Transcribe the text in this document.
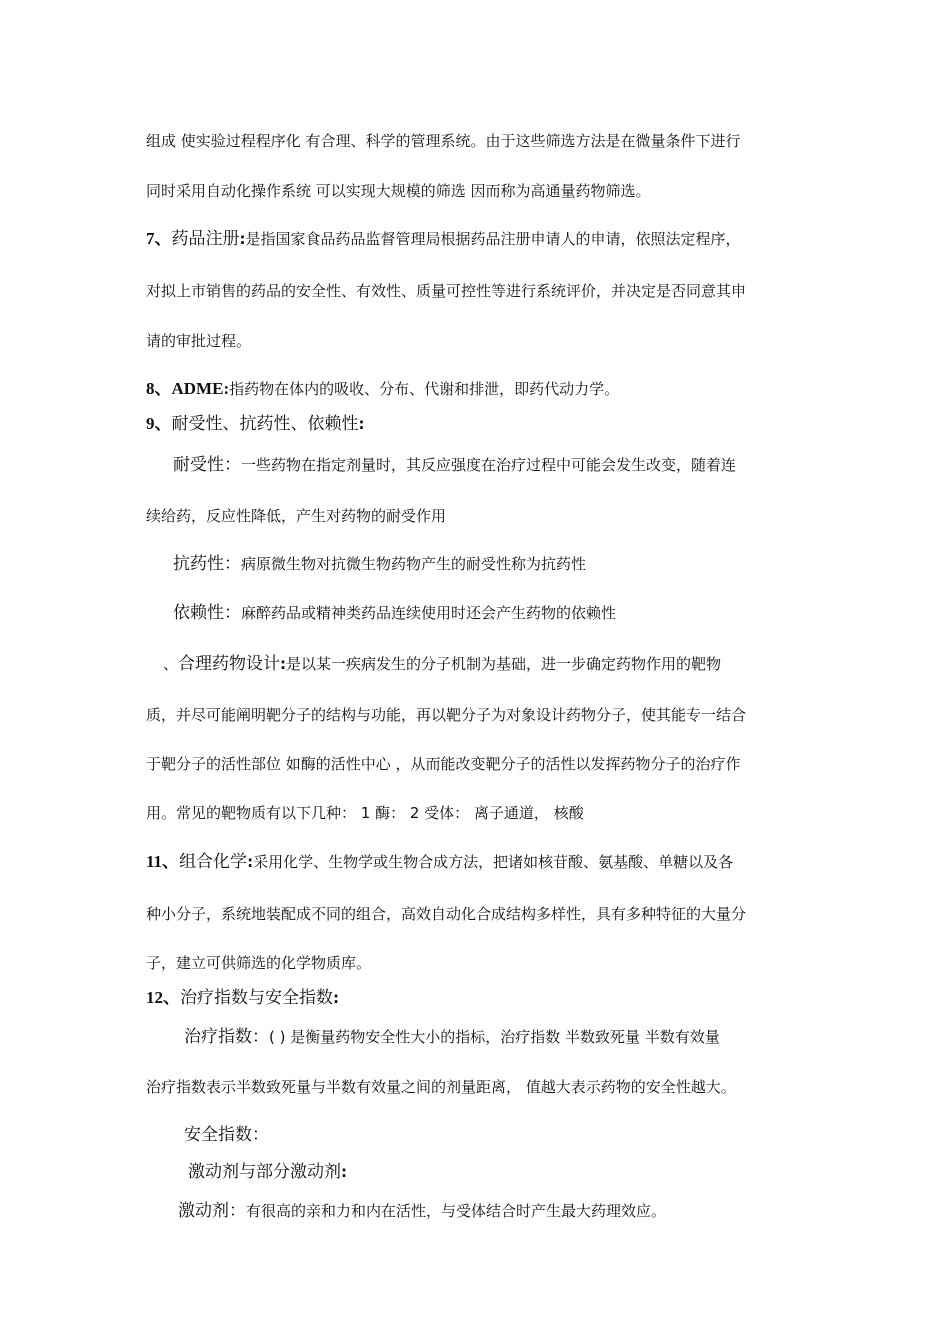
组成 使实验过程程序化 有合理、科学的管理系统。由于这些筛选方法是在微量条件下进行
同时采用自动化操作系统 可以实现大规模的筛选 因而称为高通量药物筛选。
7、药品注册:是指国家食品药品监督管理局根据药品注册申请人的申请，依照法定程序，
对拟上市销售的药品的安全性、有效性、质量可控性等进行系统评价，并决定是否同意其申
请的审批过程。
8、ADME:指药物在体内的吸收、分布、代谢和排泄，即药代动力学。
9、耐受性、抗药性、依赖性:
耐受性：一些药物在指定剂量时，其反应强度在治疗过程中可能会发生改变，随着连
续给药，反应性降低，产生对药物的耐受作用
抗药性：病原微生物对抗微生物药物产生的耐受性称为抗药性
依赖性：麻醉药品或精神类药品连续使用时还会产生药物的依赖性
、合理药物设计:是以某一疾病发生的分子机制为基础，进一步确定药物作用的靶物
质，并尽可能阐明靶分子的结构与功能，再以靶分子为对象设计药物分子，使其能专一结合
于靶分子的活性部位 如酶的活性中心 ，从而能改变靶分子的活性以发挥药物分子的治疗作
用。常见的靶物质有以下几种： 1 酶： 2 受体： 离子通道， 核酸
11、组合化学:采用化学、生物学或生物合成方法，把诸如核苷酸、氨基酸、单糖以及各
种小分子，系统地装配成不同的组合，高效自动化合成结构多样性，具有多种特征的大量分
子，建立可供筛选的化学物质库。
12、治疗指数与安全指数:
治疗指数：( ) 是衡量药物安全性大小的指标，治疗指数 半数致死量 半数有效量
治疗指数表示半数致死量与半数有效量之间的剂量距离， 值越大表示药物的安全性越大。
安全指数：
激动剂与部分激动剂:
激动剂：有很高的亲和力和内在活性，与受体结合时产生最大药理效应。
